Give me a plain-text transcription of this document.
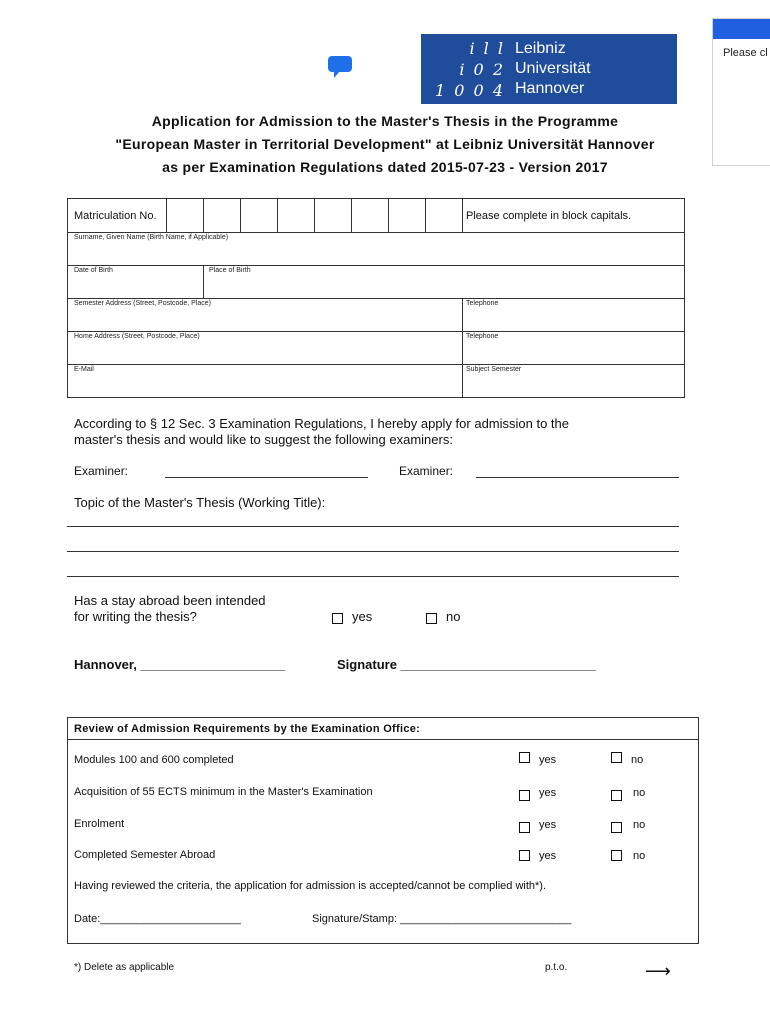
Please cl
i l l
i 0 2
1 0 0 4
Leibniz
Universität
Hannover
Application for Admission to the Master's Thesis in the Programme
"European Master in Territorial Development" at Leibniz Universität Hannover
as per Examination Regulations dated 2015-07-23 - Version 2017
Matriculation No.	Please complete in block capitals.
Surname, Given Name (Birth Name, if Applicable)
Date of Birth	Place of Birth
Semester Address (Street, Postcode, Place)	Telephone
Home Address (Street, Postcode, Place)	Telephone
E-Mail	Subject Semester
According to § 12 Sec. 3 Examination Regulations, I hereby apply for admission to the
master's thesis and would like to suggest the following examiners:
Examiner:	Examiner:
Topic of the Master's Thesis (Working Title):
Has a stay abroad been intended
for writing the thesis?	yes	no
Hannover, ____________________	Signature ___________________________
Review of Admission Requirements by the Examination Office:
Modules 100 and 600 completed	yes	no
Acquisition of 55 ECTS minimum in the Master's Examination	yes	no
Enrolment	yes	no
Completed Semester Abroad	yes	no
Having reviewed the criteria, the application for admission is accepted/cannot be complied with*).
Date:_______________________	Signature/Stamp: ____________________________
*) Delete as applicable	p.t.o.	⟶
